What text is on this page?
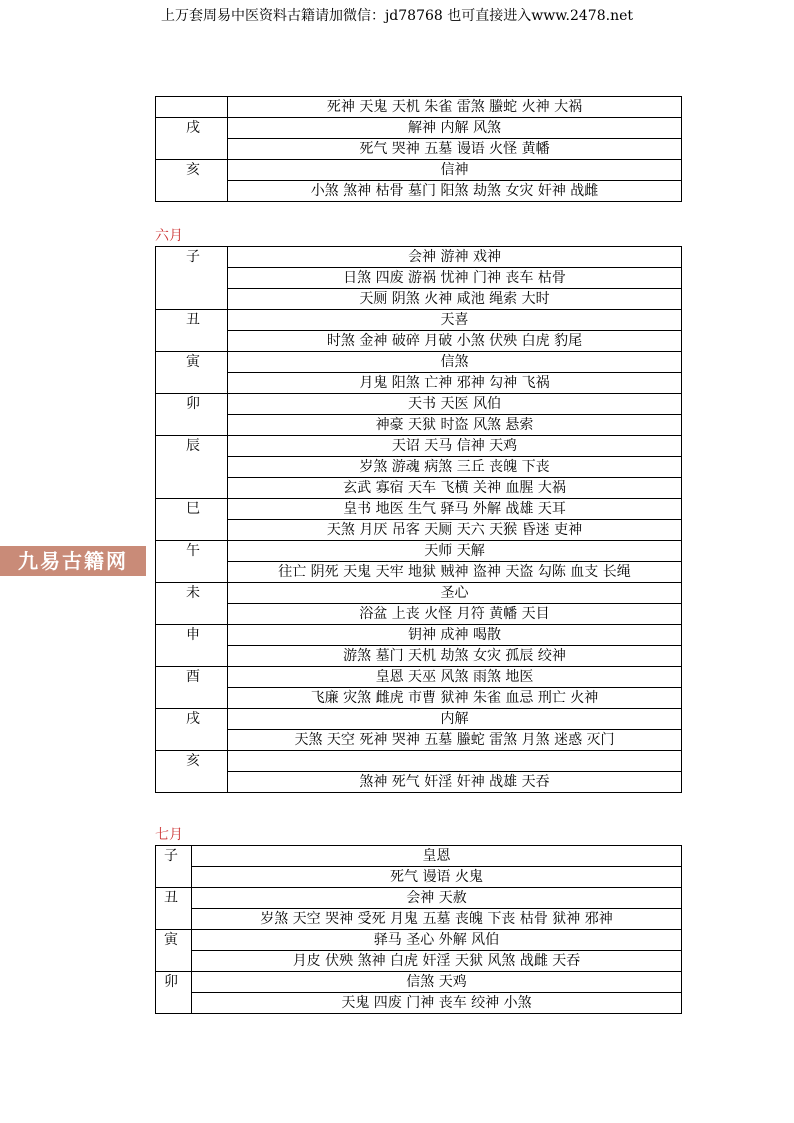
上万套周易中医资料古籍请加微信：jd78768 也可直接进入www.2478.net
九易古籍网
	死神 天鬼 天机 朱雀 雷煞 螣蛇 火神 大祸
戌	解神 内解 风煞
	死气 哭神 五墓 谩语 火怪 黄幡
亥	信神
	小煞 煞神 枯骨 墓门 阳煞 劫煞 女灾 奸神 战雌
六月
子	会神 游神 戏神
	日煞 四废 游祸 忧神 门神 丧车 枯骨
	天厕 阴煞 火神 咸池 绳索 大时
丑	天喜
	时煞 金神 破碎 月破 小煞 伏殃 白虎 豹尾
寅	信煞
	月鬼 阳煞 亡神 邪神 勾神 飞祸
卯	天书 天医 风伯
	神豪 天狱 时盗 风煞 悬索
辰	天诏 天马 信神 天鸡
	岁煞 游魂 病煞 三丘 丧魄 下丧
	玄武 寡宿 天车 飞横 关神 血腥 大祸
巳	皇书 地医 生气 驿马 外解 战雄 天耳
	天煞 月厌 吊客 天厕 天六 天猴 昏迷 吏神
午	天师 天解
	往亡 阴死 天鬼 天牢 地狱 贼神 盗神 天盗 勾陈 血支 长绳
未	圣心
	浴盆 上丧 火怪 月符 黄幡 天目
申	钥神 成神 喝散
	游煞 墓门 天机 劫煞 女灾 孤辰 绞神
酉	皇恩 天巫 风煞 雨煞 地医
	飞廉 灾煞 雌虎 市曹 狱神 朱雀 血忌 刑亡 火神
戌	内解
	天煞 天空 死神 哭神 五墓 螣蛇 雷煞 月煞 迷惑 灭门
亥	
	煞神 死气 奸淫 奸神 战雄 天吞
七月
子	皇恩
	死气 谩语 火鬼
丑	会神 天赦
	岁煞 天空 哭神 受死 月鬼 五墓 丧魄 下丧 枯骨 狱神 邪神
寅	驿马 圣心 外解 风伯
	月皮 伏殃 煞神 白虎 奸淫 天狱 风煞 战雌 天吞
卯	信煞 天鸡
	天鬼 四废 门神 丧车 绞神 小煞
